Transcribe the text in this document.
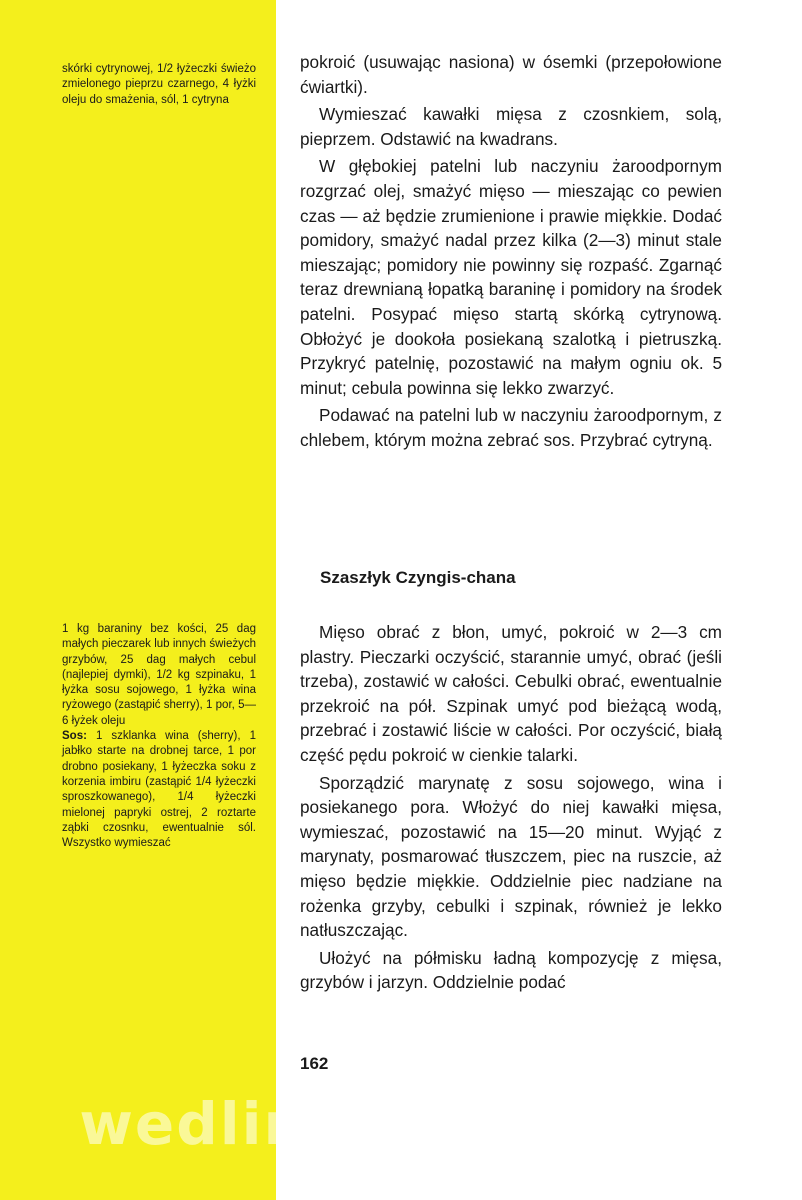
skórki cytrynowej, 1/2 łyżeczki świeżo zmielonego pieprzu czarnego, 4 łyżki oleju do smażenia, sól, 1 cytryna

1 kg baraniny bez kości, 25 dag małych pieczarek lub innych świeżych grzybów, 25 dag małych cebul (najlepiej dymki), 1/2 kg szpinaku, 1 łyżka sosu sojowego, 1 łyżka wina ryżowego (zastąpić sherry), 1 por, 5—6 łyżek oleju

Sos: 1 szklanka wina (sherry), 1 jabłko starte na drobnej tarce, 1 por drobno posiekany, 1 łyżeczka soku z korzenia imbiru (zastąpić 1/4 łyżeczki sproszkowanego), 1/4 łyżeczki mielonej papryki ostrej, 2 roztarte ząbki czosnku, ewentualnie sól. Wszystko wymieszać

pokroić (usuwając nasiona) w ósemki (przepołowione ćwiartki).

Wymieszać kawałki mięsa z czosnkiem, solą, pieprzem. Odstawić na kwadrans.

W głębokiej patelni lub naczyniu żaroodpornym rozgrzać olej, smażyć mięso — mieszając co pewien czas — aż będzie zrumienione i prawie miękkie. Dodać pomidory, smażyć nadal przez kilka (2—3) minut stale mieszając; pomidory nie powinny się rozpaść. Zgarnąć teraz drewnianą łopatką baraninę i pomidory na środek patelni. Posypać mięso startą skórką cytrynową. Obłożyć je dookoła posiekaną szalotką i pietruszką. Przykryć patelnię, pozostawić na małym ogniu ok. 5 minut; cebula powinna się lekko zwarzyć.

Podawać na patelni lub w naczyniu żaroodpornym, z chlebem, którym można zebrać sos. Przybrać cytryną.

Szaszłyk Czyngis-chana

Mięso obrać z błon, umyć, pokroić w 2—3 cm plastry. Pieczarki oczyścić, starannie umyć, obrać (jeśli trzeba), zostawić w całości. Cebulki obrać, ewentualnie przekroić na pół. Szpinak umyć pod bieżącą wodą, przebrać i zostawić liście w całości. Por oczyścić, białą część pędu pokroić w cienkie talarki.

Sporządzić marynatę z sosu sojowego, wina i posiekanego pora. Włożyć do niej kawałki mięsa, wymieszać, pozostawić na 15—20 minut. Wyjąć z marynaty, posmarować tłuszczem, piec na ruszcie, aż mięso będzie miękkie. Oddzielnie piec nadziane na rożenka grzyby, cebulki i szpinak, również je lekko natłuszczając.

Ułożyć na półmisku ładną kompozycję z mięsa, grzybów i jarzyn. Oddzielnie podać

162
wedlinydomowe.pl
